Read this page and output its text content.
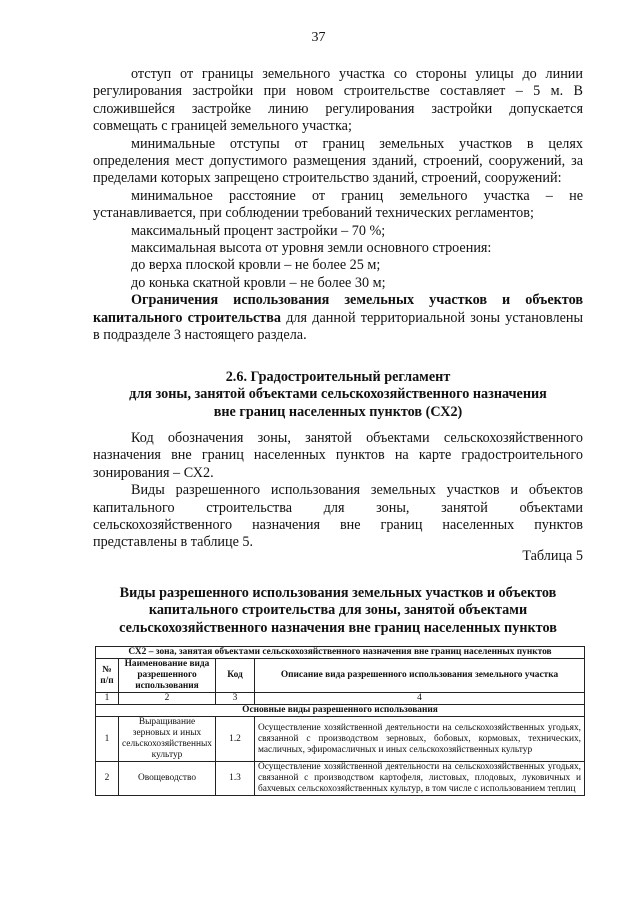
37

отступ от границы земельного участка со стороны улицы до линии регулирования застройки при новом строительстве составляет – 5 м. В сложившейся застройке линию регулирования застройки допускается совмещать с границей земельного участка;

минимальные отступы от границ земельных участков в целях определения мест допустимого размещения зданий, строений, сооружений, за пределами которых запрещено строительство зданий, строений, сооружений:

минимальное расстояние от границ земельного участка – не устанавливается, при соблюдении требований технических регламентов;

максимальный процент застройки – 70 %;

максимальная высота от уровня земли основного строения:

до верха плоской кровли – не более 25 м;

до конька скатной кровли – не более 30 м;

Ограничения использования земельных участков и объектов капитального строительства для данной территориальной зоны установлены в подразделе 3 настоящего раздела.

2.6. Градостроительный регламент
для зоны, занятой объектами сельскохозяйственного назначения
вне границ населенных пунктов (СХ2)

Код обозначения зоны, занятой объектами сельскохозяйственного назначения вне границ населенных пунктов на карте градостроительного зонирования – СХ2.

Виды разрешенного использования земельных участков и объектов капитального строительства для зоны, занятой объектами сельскохозяйственного назначения вне границ населенных пунктов представлены в таблице 5.

Таблица 5
Виды разрешенного использования земельных участков и объектов
капитального строительства для зоны, занятой объектами
сельскохозяйственного назначения вне границ населенных пунктов
СХ2 – зона, занятая объектами сельскохозяйственного назначения вне границ населенных пунктов			
№ п/п	Наименование вида разрешенного использования	Код	Описание вида разрешенного использования земельного участка
1	2	3	4
Основные виды разрешенного использования			
1	Выращивание зерновых и иных сельскохозяйственных культур	1.2	Осуществление хозяйственной деятельности на сельскохозяйственных угодьях, связанной с производством зерновых, бобовых, кормовых, технических, масличных, эфиромасличных и иных сельскохозяйственных культур
2	Овощеводство	1.3	Осуществление хозяйственной деятельности на сельскохозяйственных угодьях, связанной с производством картофеля, листовых, плодовых, луковичных и бахчевых сельскохозяйственных культур, в том числе с использованием теплиц
